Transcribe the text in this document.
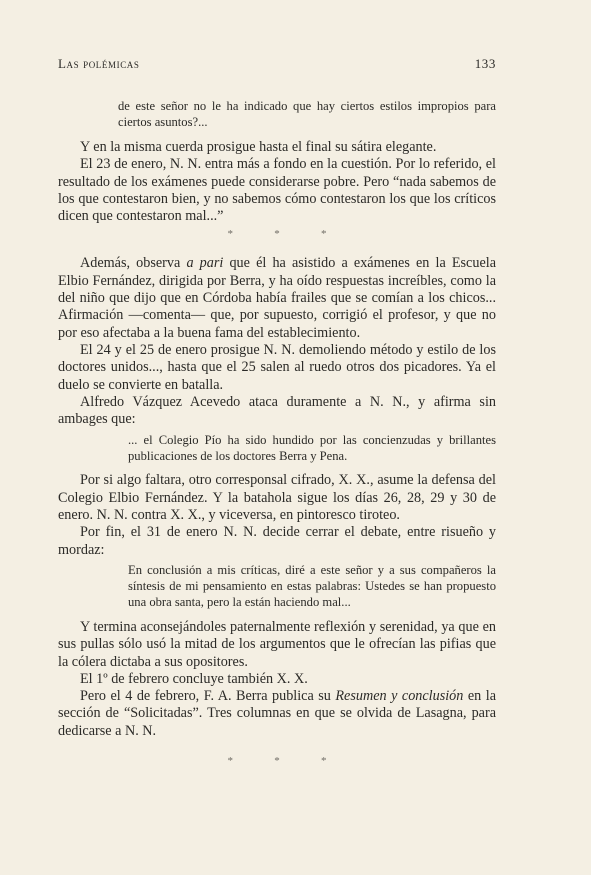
Las polémicas	133

de este señor no le ha indicado que hay ciertos estilos impropios para ciertos asuntos?...

Y en la misma cuerda prosigue hasta el final su sátira elegante.

El 23 de enero, N. N. entra más a fondo en la cuestión. Por lo referido, el resultado de los exámenes puede considerarse pobre. Pero “nada sabemos de los que contestaron bien, y no sabemos cómo contestaron los que los críticos dicen que contestaron mal...”

*	*	*

Además, observa a pari que él ha asistido a exámenes en la Escuela Elbio Fernández, dirigida por Berra, y ha oído respuestas increíbles, como la del niño que dijo que en Córdoba había frailes que se comían a los chicos... Afirmación —comenta— que, por supuesto, corrigió el profesor, y que no por eso afectaba a la buena fama del establecimiento.

El 24 y el 25 de enero prosigue N. N. demoliendo método y estilo de los doctores unidos..., hasta que el 25 salen al ruedo otros dos picadores. Ya el duelo se convierte en batalla.

Alfredo Vázquez Acevedo ataca duramente a N. N., y afirma sin ambages que:

... el Colegio Pío ha sido hundido por las concienzudas y brillantes publicaciones de los doctores Berra y Pena.

Por si algo faltara, otro corresponsal cifrado, X. X., asume la defensa del Colegio Elbio Fernández. Y la batahola sigue los días 26, 28, 29 y 30 de enero. N. N. contra X. X., y viceversa, en pintoresco tiroteo.

Por fin, el 31 de enero N. N. decide cerrar el debate, entre risueño y mordaz:

En conclusión a mis críticas, diré a este señor y a sus compañeros la síntesis de mi pensamiento en estas palabras: Ustedes se han propuesto una obra santa, pero la están haciendo mal...

Y termina aconsejándoles paternalmente reflexión y serenidad, ya que en sus pullas sólo usó la mitad de los argumentos que le ofrecían las pifias que la cólera dictaba a sus opositores.

El 1º de febrero concluye también X. X.

Pero el 4 de febrero, F. A. Berra publica su Resumen y conclusión en la sección de “Solicitadas”. Tres columnas en que se olvida de Lasagna, para dedicarse a N. N.

*	*	*
